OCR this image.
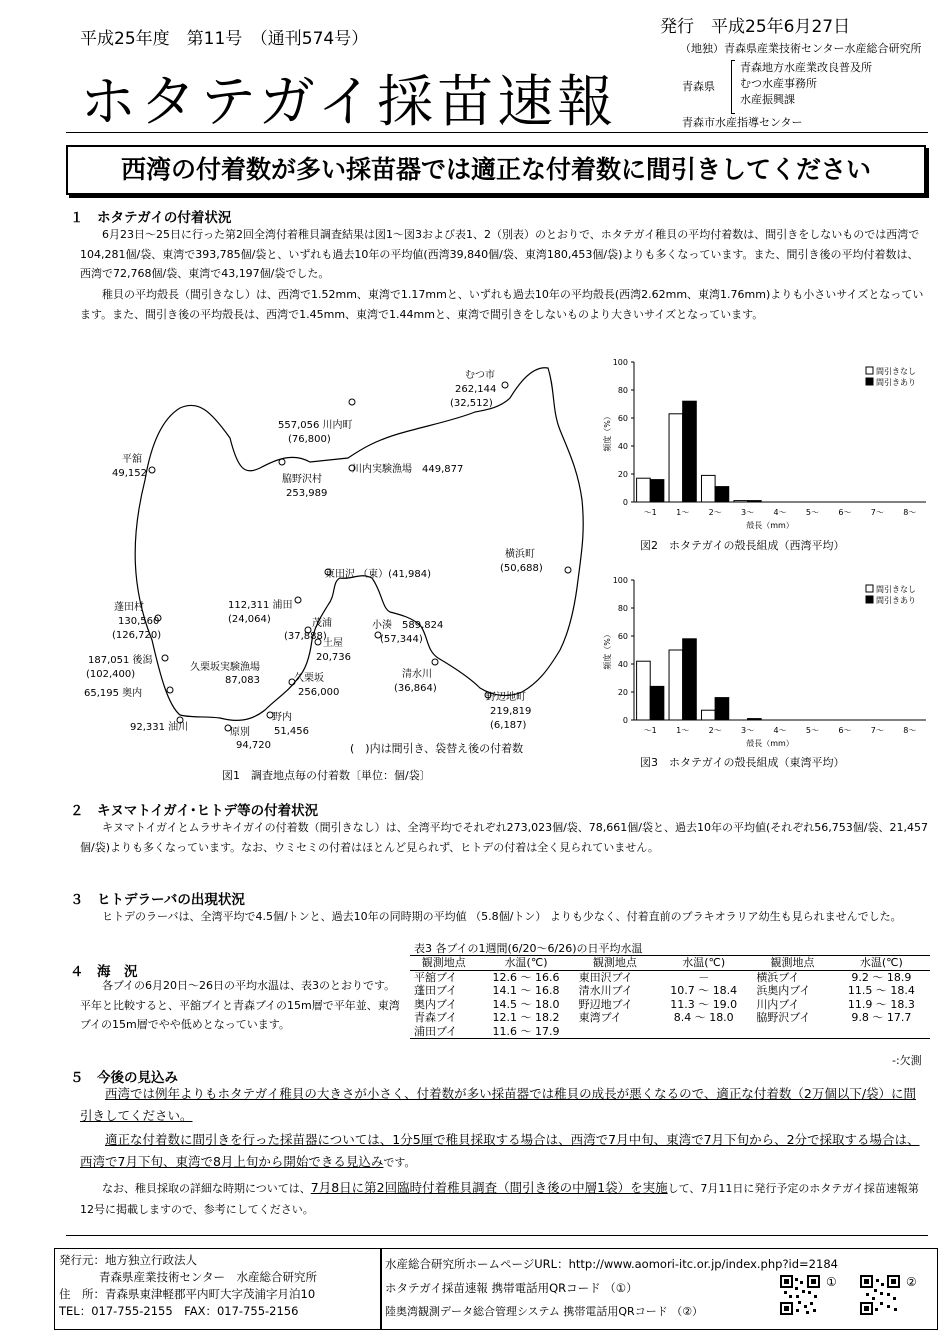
平成25年度　第11号　（通刊574号）
発行　平成25年6月27日
（地独）青森県産業技術センター水産総合研究所
ホタテガイ採苗速報	青森県
青森地方水産業改良普及所
むつ水産事務所
水産振興課
青森市水産指導センター
西湾の付着数が多い採苗器では適正な付着数に間引きしてください
１　ホタテガイの付着状況
6月23日～25日に行った第2回全湾付着稚貝調査結果は図1～図3および表1、2（別表）のとおりで、ホタテガイ稚貝の平均付着数は、間引きをしないものでは西湾で104,281個/袋、東湾で393,785個/袋と、いずれも過去10年の平均値(西湾39,840個/袋、東湾180,453個/袋)よりも多くなっています。また、間引き後の平均付着数は、西湾で72,768個/袋、東湾で43,197個/袋でした。
稚貝の平均殻長（間引きなし）は、西湾で1.52mm、東湾で1.17mmと、いずれも過去10年の平均殻長(西湾2.62mm、東湾1.76mm)よりも小さいサイズとなっています。また、間引き後の平均殻長は、西湾で1.45mm、東湾で1.44mmと、東湾で間引きをしないものより大きいサイズとなっています。
むつ市
262,144
(32,512)
557,056 川内町
(76,800)
平舘
49,152
脇野沢村
253,989
川内実験漁場　449,877
横浜町
(50,688)
東田沢 （東）(41,984)
蓬田村
130,560
(126,720)
112,311 浦田
(24,064)	茂浦
(37,888)
土屋
20,736
小湊　589,824
(57,344)
187,051 後潟
(102,400)
久栗坂実験漁場
87,083
清水川
(36,864)
65,195 奥内
久栗坂
256,000	野辺地町
219,819
(6,187)
92,331 油川
野内
51,456
原別
94,720	(　)内は間引き、袋替え後の付着数
図1　調査地点毎の付着数〔単位：個/袋〕
0
20
40
60
80
100
～1 1～ 2～ 3～ 4～ 5～ 6～ 7～ 8～
殻長（mm）
頻度（%）
間引きなし
間引きあり
図2　ホタテガイの殻長組成（西湾平均）
0
20
40
60
80
100
～1 1～ 2～ 3～ 4～ 5～ 6～ 7～ 8～
殻長（mm）
頻度（%）
間引きなし
間引きあり
図3　ホタテガイの殻長組成（東湾平均）
２　キヌマトイガイ･ヒトデ等の付着状況
キヌマトイガイとムラサキイガイの付着数（間引きなし）は、全湾平均でそれぞれ273,023個/袋、78,661個/袋と、過去10年の平均値(それぞれ56,753個/袋、21,457個/袋)よりも多くなっています。なお、ウミセミの付着はほとんど見られず、ヒトデの付着は全く見られていません。
３　ヒトデラーバの出現状況
ヒトデのラーバは、全湾平均で4.5個/トンと、過去10年の同時期の平均値 （5.8個/トン） よりも少なく、付着直前のブラキオラリア幼生も見られませんでした。
４　海　況
各ブイの6月20日～26日の平均水温は、表3のとおりです。平年と比較すると、平舘ブイと青森ブイの15m層で平年並、東湾ブイの15m層でやや低めとなっています。
表3 各ブイの1週間(6/20～6/26)の日平均水温
観測地点	水温(℃)	観測地点	水温(℃)	観測地点	水温(℃)
平舘ブイ	12.6 ～ 16.6	東田沢ブイ	－	横浜ブイ	9.2 ～ 18.9
蓬田ブイ	14.1 ～ 16.8	清水川ブイ	10.7 ～ 18.4	浜奥内ブイ	11.5 ～ 18.4
奥内ブイ	14.5 ～ 18.0	野辺地ブイ	11.3 ～ 19.0	川内ブイ	11.9 ～ 18.3
青森ブイ	12.1 ～ 18.2	東湾ブイ	8.4 ～ 18.0	脇野沢ブイ	9.8 ～ 17.7
浦田ブイ	11.6 ～ 17.9				
-:欠測
５　今後の見込み
西湾では例年よりもホタテガイ稚貝の大きさが小さく、付着数が多い採苗器では稚貝の成長が悪くなるので、適正な付着数（2万個以下/袋）に間引きしてください。
適正な付着数に間引きを行った採苗器については、1分5厘で稚貝採取する場合は、西湾で7月中旬、東湾で7月下旬から、2分で採取する場合は、西湾で7月下旬、東湾で8月上旬から開始できる見込みです。
なお、稚貝採取の詳細な時期については、7月8日に第2回臨時付着稚貝調査（間引き後の中層1袋）を実施して、7月11日に発行予定のホタテガイ採苗速報第12号に掲載しますので、参考にしてください。
発行元：地方独立行政法人
青森県産業技術センター　水産総合研究所
住　所：青森県東津軽郡平内町大字茂浦字月泊10
TEL：017-755-2155　FAX：017-755-2156
水産総合研究所ホームページURL：http://www.aomori-itc.or.jp/index.php?id=2184
ホタテガイ採苗速報 携帯電話用QRコード （①）
陸奥湾観測データ総合管理システム 携帯電話用QRコード （②）
①	②
